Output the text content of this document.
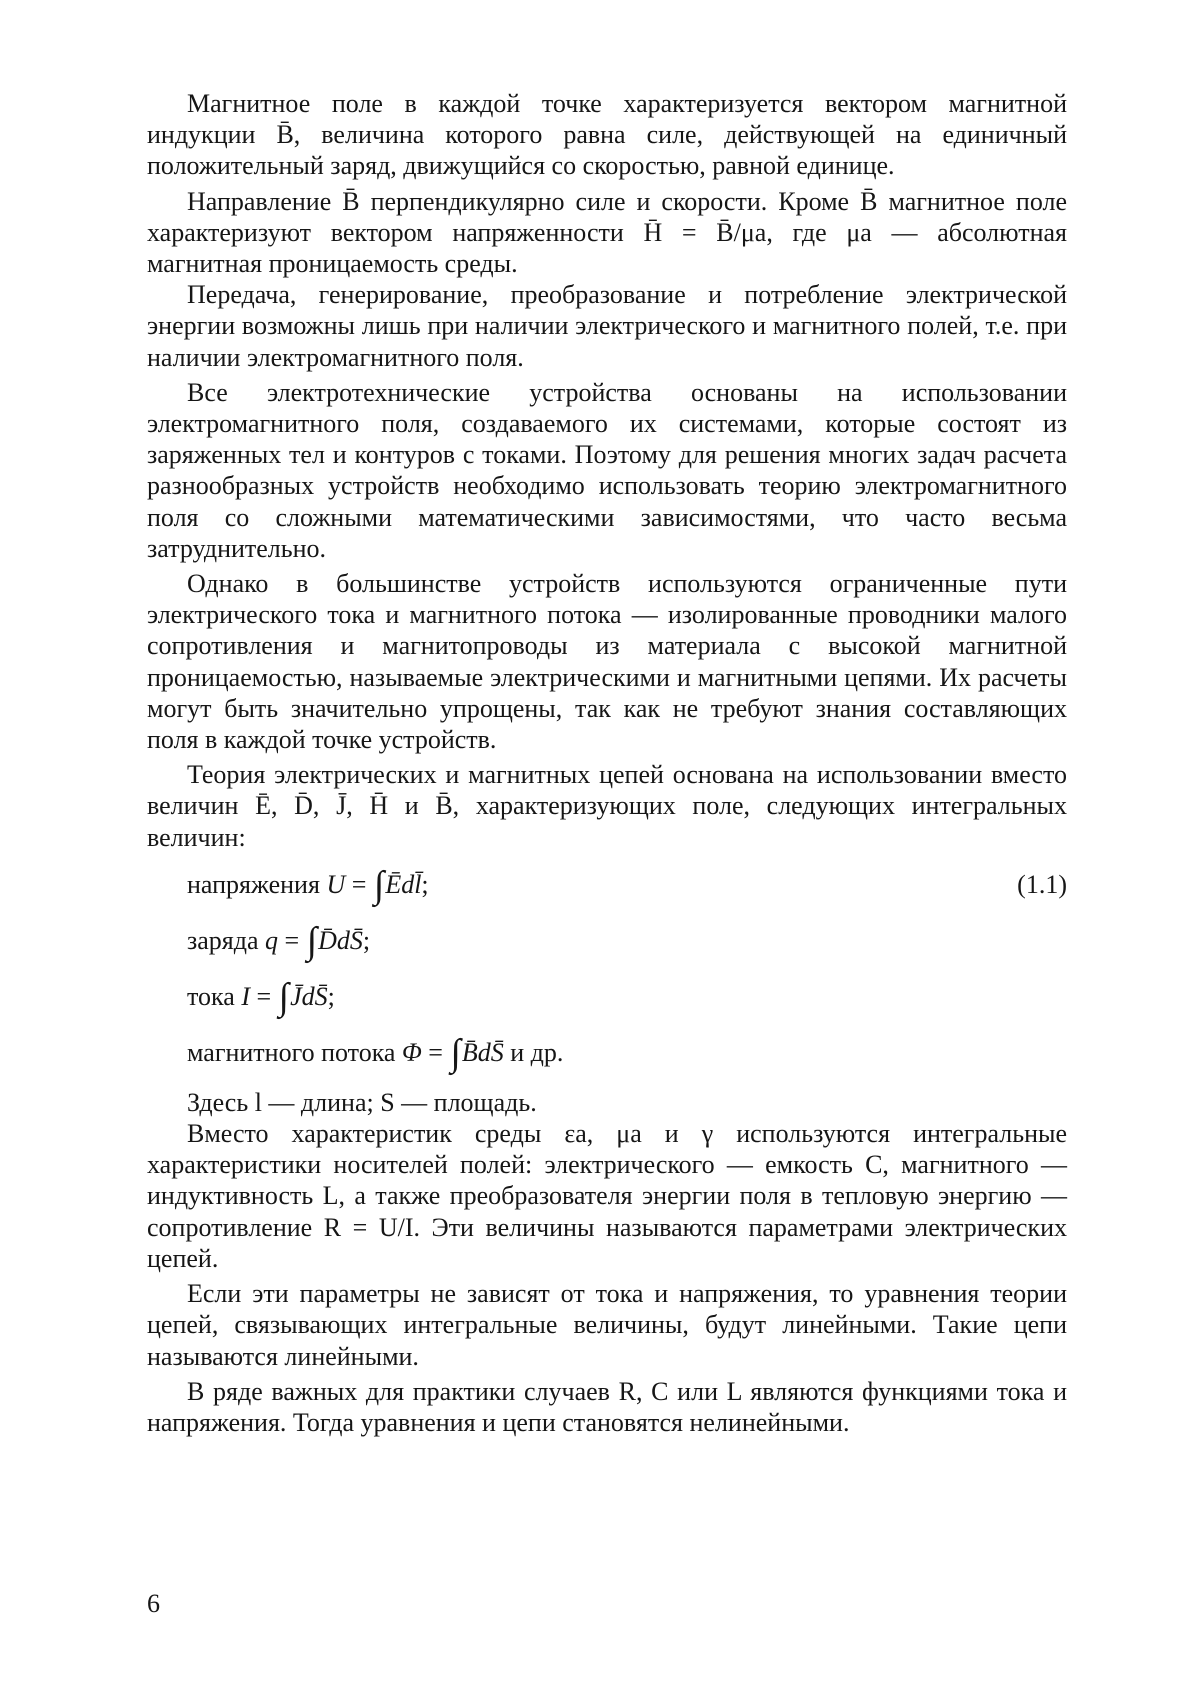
Магнитное поле в каждой точке характеризуется вектором магнитной индукции B̄, величина которого равна силе, действующей на единичный положительный заряд, движущийся со скоростью, равной единице.

Направление B̄ перпендикулярно силе и скорости. Кроме B̄ магнитное поле характеризуют вектором напряженности H̄ = B̄/μа, где μа — абсолютная магнитная проницаемость среды.

Передача, генерирование, преобразование и потребление электрической энергии возможны лишь при наличии электрического и магнитного полей, т.е. при наличии электромагнитного поля.

Все электротехнические устройства основаны на использовании электромагнитного поля, создаваемого их системами, которые состоят из заряженных тел и контуров с токами. Поэтому для решения многих задач расчета разнообразных устройств необходимо использовать теорию электромагнитного поля со сложными математическими зависимостями, что часто весьма затруднительно.

Однако в большинстве устройств используются ограниченные пути электрического тока и магнитного потока — изолированные проводники малого сопротивления и магнитопроводы из материала с высокой магнитной проницаемостью, называемые электрическими и магнитными цепями. Их расчеты могут быть значительно упрощены, так как не требуют знания составляющих поля в каждой точке устройств.

Теория электрических и магнитных цепей основана на использовании вместо величин Ē, D̄, J̄, H̄ и B̄, характеризующих поле, следующих интегральных величин:

напряжения U = ∫Ēdl̄;	(1.1)
заряда q = ∫D̄dS̄;
тока I = ∫J̄dS̄;
магнитного потока Φ = ∫B̄dS̄ и др.

Здесь l — длина; S — площадь.

Вместо характеристик среды εа, μа и γ используются интегральные характеристики носителей полей: электрического — емкость C, магнитного — индуктивность L, а также преобразователя энергии поля в тепловую энергию — сопротивление R = U/I. Эти величины называются параметрами электрических цепей.

Если эти параметры не зависят от тока и напряжения, то уравнения теории цепей, связывающих интегральные величины, будут линейными. Такие цепи называются линейными.

В ряде важных для практики случаев R, C или L являются функциями тока и напряжения. Тогда уравнения и цепи становятся нелинейными.

6
